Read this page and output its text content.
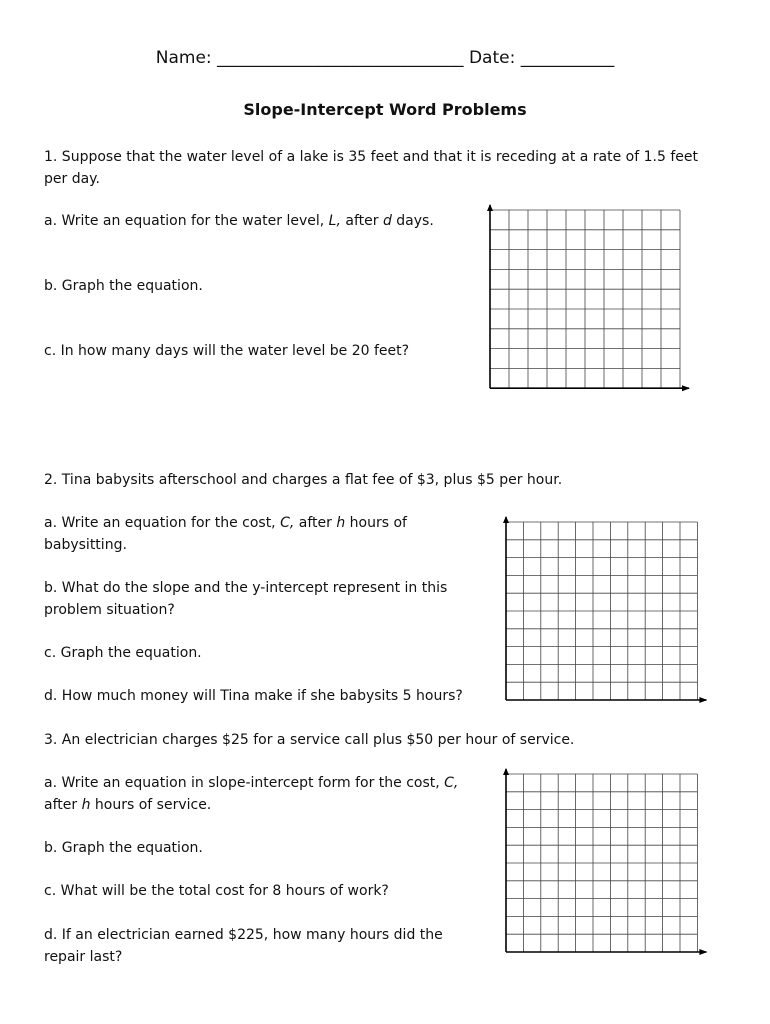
Name: _____________________________ Date: ___________
Slope-Intercept Word Problems
1. Suppose that the water level of a lake is 35 feet and that it is receding at a rate of 1.5 feet
per day.
a. Write an equation for the water level, L, after d days.
b. Graph the equation.
c. In how many days will the water level be 20 feet?
2. Tina babysits afterschool and charges a flat fee of $3, plus $5 per hour.
a. Write an equation for the cost, C, after h hours of
babysitting.
b. What do the slope and the y-intercept represent in this
problem situation?
c. Graph the equation.
d. How much money will Tina make if she babysits 5 hours?
3. An electrician charges $25 for a service call plus $50 per hour of service.
a. Write an equation in slope-intercept form for the cost, C,
after h hours of service.
b. Graph the equation.
c. What will be the total cost for 8 hours of work?
d. If an electrician earned $225, how many hours did the
repair last?
